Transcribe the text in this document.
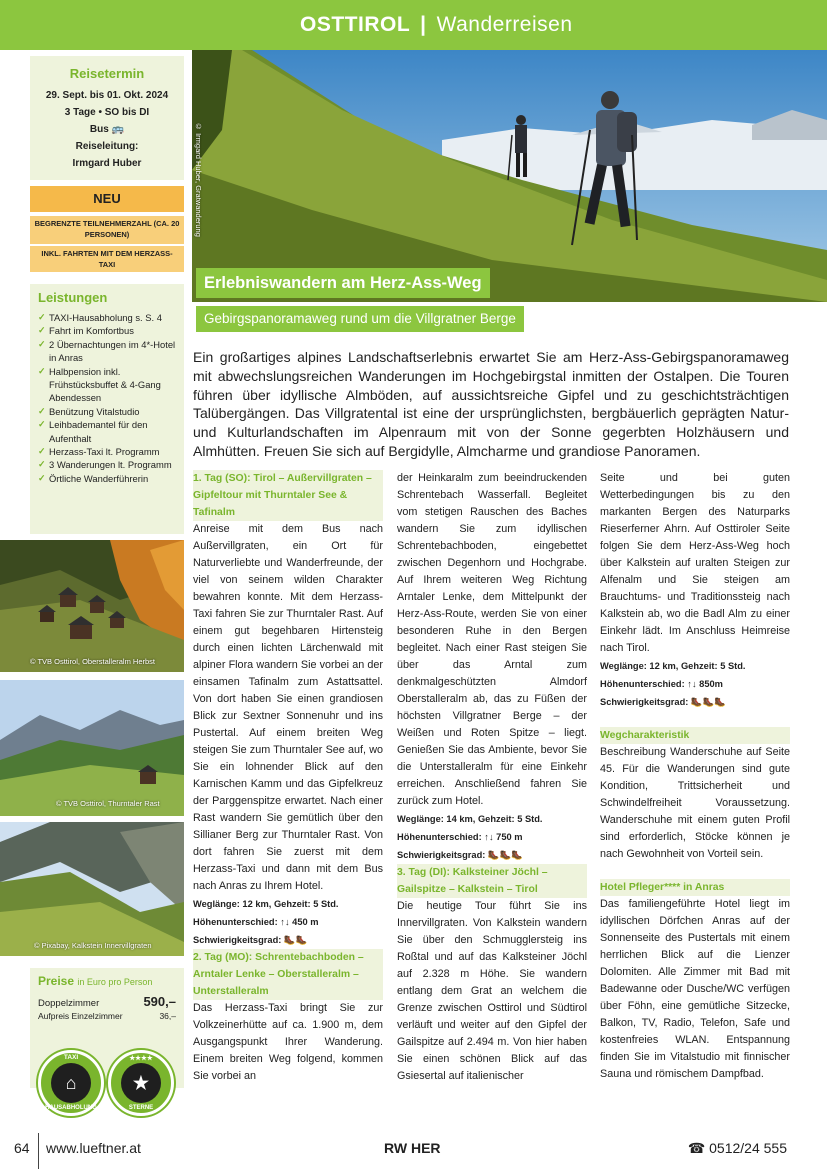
OSTTIROL | Wanderreisen
Reisetermin

29. Sept. bis 01. Okt. 2024

3 Tage • SO bis DI

Bus 🚌

Reiseleitung:

Irmgard Huber

NEU
BEGRENZTE TEILNEHMERZAHL (CA. 20 PERSONEN)
INKL. FAHRTEN MIT DEM HERZASS-TAXI
Leistungen
✓ TAXI-Hausabholung s. S. 4
✓ Fahrt im Komfortbus
✓ 2 Übernachtungen im 4*-Hotel in Anras
✓ Halbpension inkl. Frühstücksbuffet & 4-Gang Abendessen
✓ Benützung Vitalstudio
✓ Leihbademantel für den Aufenthalt
✓ Herzass-Taxi lt. Programm
✓ 3 Wanderungen lt. Programm
✓ Örtliche Wanderführerin
© TVB Osttirol, Oberstalleralm Herbst
© TVB Osttirol, Thurntaler Rast
© Pixabay, Kalkstein Innervillgraten
Preise in Euro pro Person
Doppelzimmer	590,–
Aufpreis Einzelzimmer	36,–
TAXI
⌂
HAUSABHOLUNG
★★★★
★
STERNE
© Irmgard Huber, Gratwanderung
Erlebniswandern am Herz-Ass-Weg
Gebirgspanoramaweg rund um die Villgratner Berge
Ein großartiges alpines Landschaftserlebnis erwartet Sie am Herz-Ass-Gebirgspanoramaweg mit abwechslungsreichen Wanderungen im Hochgebirgstal inmitten der Ostalpen. Die Touren führen über idyllische Almböden, auf aussichtsreiche Gipfel und zu geschichtsträchtigen Talübergängen. Das Villgratental ist eine der ursprünglichsten, bergbäuerlich geprägten Natur- und Kulturlandschaften im Alpenraum mit von der Sonne gegerbten Holzhäusern und Almhütten. Freuen Sie sich auf Bergidylle, Almcharme und grandiose Panoramen.
1. Tag (SO): Tirol – Außervillgraten – Gipfeltour mit Thurntaler See & Tafinalm
Anreise mit dem Bus nach Außervillgraten, ein Ort für Naturverliebte und Wanderfreunde, der viel von seinem wilden Charakter bewahren konnte. Mit dem Herzass-Taxi fahren Sie zur Thurntaler Rast. Auf einem gut begehbaren Hirtensteig durch einen lichten Lärchenwald mit alpiner Flora wandern Sie vorbei an der einsamen Tafinalm zum Astattsattel. Von dort haben Sie einen grandiosen Blick zur Sextner Sonnenuhr und ins Pustertal. Auf einem breiten Weg steigen Sie zum Thurntaler See auf, wo Sie ein lohnender Blick auf den Karnischen Kamm und das Gipfelkreuz der Parggenspitze erwartet. Nach einer Rast wandern Sie gemütlich über den Sillianer Berg zur Thurntaler Rast. Von dort fahren Sie zuerst mit dem Herzass-Taxi und dann mit dem Bus nach Anras zu Ihrem Hotel.
Weglänge: 12 km, Gehzeit: 5 Std.
Höhenunterschied: ↑↓ 450 m
Schwierigkeitsgrad: 🥾🥾
2. Tag (MO): Schrentebachboden – Arntaler Lenke – Oberstalleralm – Unterstalleralm
Das Herzass-Taxi bringt Sie zur Volkzeinerhütte auf ca. 1.900 m, dem Ausgangspunkt Ihrer Wanderung. Einem breiten Weg folgend, kommen Sie vorbei an
der Heinkaralm zum beeindruckenden Schrentebach Wasserfall. Begleitet vom stetigen Rauschen des Baches wandern Sie zum idyllischen Schrentebachboden, eingebettet zwischen Degenhorn und Hochgrabe. Auf Ihrem weiteren Weg Richtung Arntaler Lenke, dem Mittelpunkt der Herz-Ass-Route, werden Sie von einer besonderen Ruhe in den Bergen begleitet. Nach einer Rast steigen Sie über das Arntal zum denkmalgeschützten Almdorf Oberstalleralm ab, das zu Füßen der höchsten Villgratner Berge – der Weißen und Roten Spitze – liegt. Genießen Sie das Ambiente, bevor Sie die Unterstalleralm für eine Einkehr erreichen. Anschließend fahren Sie zurück zum Hotel.
Weglänge: 14 km, Gehzeit: 5 Std.
Höhenunterschied: ↑↓ 750 m
Schwierigkeitsgrad: 🥾🥾🥾
3. Tag (DI): Kalksteiner Jöchl – Gailspitze – Kalkstein – Tirol
Die heutige Tour führt Sie ins Innervillgraten. Von Kalkstein wandern Sie über den Schmugglersteig ins Roßtal und auf das Kalksteiner Jöchl auf 2.328 m Höhe. Sie wandern entlang dem Grat an welchem die Grenze zwischen Osttirol und Südtirol verläuft und weiter auf den Gipfel der Gailspitze auf 2.494 m. Von hier haben Sie einen schönen Blick auf das Gsiesertal auf italienischer
Seite und bei guten Wetterbedingungen bis zu den markanten Bergen des Naturparks Rieserferner Ahrn. Auf Osttiroler Seite folgen Sie dem Herz-Ass-Weg hoch über Kalkstein auf uralten Steigen zur Alfenalm und Sie steigen am Brauchtums- und Traditionssteig nach Kalkstein ab, wo die Badl Alm zu einer Einkehr lädt. Im Anschluss Heimreise nach Tirol.
Weglänge: 12 km, Gehzeit: 5 Std.
Höhenunterschied: ↑↓ 850m
Schwierigkeitsgrad: 🥾🥾🥾
Wegcharakteristik
Beschreibung Wanderschuhe auf Seite 45. Für die Wanderungen sind gute Kondition, Trittsicherheit und Schwindelfreiheit Voraussetzung. Wanderschuhe mit einem guten Profil sind erforderlich, Stöcke können je nach Gewohnheit von Vorteil sein.
Hotel Pfleger**** in Anras
Das familiengeführte Hotel liegt im idyllischen Dörfchen Anras auf der Sonnenseite des Pustertals mit einem herrlichen Blick auf die Lienzer Dolomiten. Alle Zimmer mit Bad mit Badewanne oder Dusche/WC verfügen über Föhn, eine gemütliche Sitzecke, Balkon, TV, Radio, Telefon, Safe und kostenfreies WLAN. Entspannung finden Sie im Vitalstudio mit finnischer Sauna und römischem Dampfbad.
64 www.lueftner.at	RW HER	☎ 0512/24 555
